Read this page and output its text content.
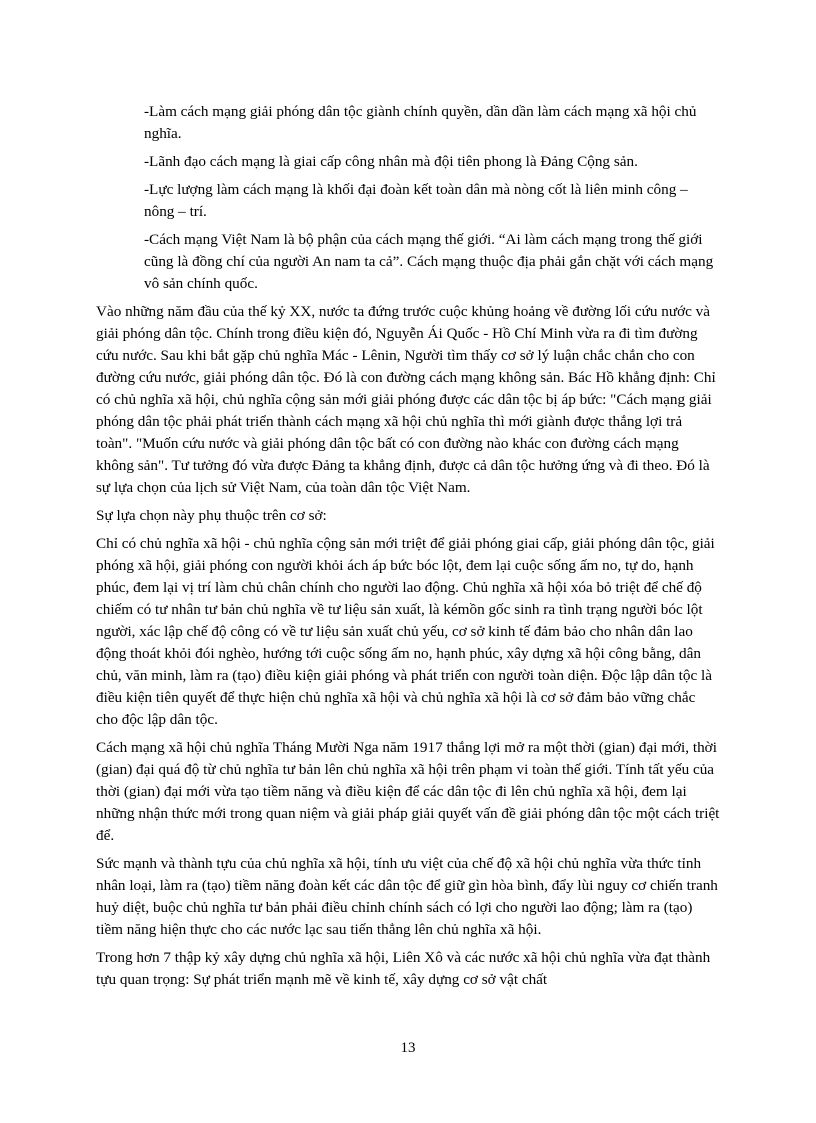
-Làm cách mạng giải phóng dân tộc giành chính quyền, dần dần làm cách mạng xã hội chủ nghĩa.

-Lãnh đạo cách mạng là giai cấp công nhân mà đội tiên phong là Đảng Cộng sản.

-Lực lượng làm cách mạng là khối đại đoàn kết toàn dân mà nòng cốt là liên minh công – nông – trí.

-Cách mạng Việt Nam là bộ phận của cách mạng thế giới. “Ai làm cách mạng trong thế giới cũng là đồng chí của người An nam ta cả”. Cách mạng thuộc địa phải gắn chặt với cách mạng vô sản chính quốc.

Vào những năm đầu của thế kỷ XX, nước ta đứng trước cuộc khủng hoảng về đường lối cứu nước và giải phóng dân tộc. Chính trong điều kiện đó, Nguyễn Ái Quốc - Hồ Chí Minh vừa ra đi tìm đường cứu nước. Sau khi bắt gặp chủ nghĩa Mác - Lênin, Người tìm thấy cơ sở lý luận chắc chắn cho con đường cứu nước, giải phóng dân tộc. Đó là con đường cách mạng không sản. Bác Hồ khẳng định: Chỉ có chủ nghĩa xã hội, chủ nghĩa cộng sản mới giải phóng được các dân tộc bị áp bức: "Cách mạng giải phóng dân tộc phải phát triển thành cách mạng xã hội chủ nghĩa thì mới giành được thắng lợi trả toàn". "Muốn cứu nước và giải phóng dân tộc bất có con đường nào khác con đường cách mạng không sản". Tư tưởng đó vừa được Đảng ta khẳng định, được cả dân tộc hưởng ứng và đi theo. Đó là sự lựa chọn của lịch sử Việt Nam, của toàn dân tộc Việt Nam.

Sự lựa chọn này phụ thuộc trên cơ sở:

Chỉ có chủ nghĩa xã hội - chủ nghĩa cộng sản mới triệt để giải phóng giai cấp, giải phóng dân tộc, giải phóng xã hội, giải phóng con người khỏi ách áp bức bóc lột, đem lại cuộc sống ấm no, tự do, hạnh phúc, đem lại vị trí làm chủ chân chính cho người lao động. Chủ nghĩa xã hội xóa bỏ triệt để chế độ chiếm có tư nhân tư bản chủ nghĩa về tư liệu sản xuất, là kémồn gốc sinh ra tình trạng người bóc lột người, xác lập chế độ công có về tư liệu sản xuất chủ yếu, cơ sở kinh tế đảm bảo cho nhân dân lao động thoát khỏi đói nghèo, hướng tới cuộc sống ấm no, hạnh phúc, xây dựng xã hội công bằng, dân chủ, văn minh, làm ra (tạo) điều kiện giải phóng và phát triển con người toàn diện. Độc lập dân tộc là điều kiện tiên quyết để thực hiện chủ nghĩa xã hội và chủ nghĩa xã hội là cơ sở đảm bảo vững chắc cho độc lập dân tộc.

Cách mạng xã hội chủ nghĩa Tháng Mười Nga năm 1917 thắng lợi mở ra một thời (gian) đại mới, thời (gian) đại quá độ từ chủ nghĩa tư bản lên chủ nghĩa xã hội trên phạm vi toàn thế giới. Tính tất yếu của thời (gian) đại mới vừa tạo tiềm năng và điều kiện để các dân tộc đi lên chủ nghĩa xã hội, đem lại những nhận thức mới trong quan niệm và giải pháp giải quyết vấn đề giải phóng dân tộc một cách triệt để.

Sức mạnh và thành tựu của chủ nghĩa xã hội, tính ưu việt của chế độ xã hội chủ nghĩa vừa thức tỉnh nhân loại, làm ra (tạo) tiềm năng đoàn kết các dân tộc để giữ gìn hòa bình, đẩy lùi nguy cơ chiến tranh huỷ diệt, buộc chủ nghĩa tư bản phải điều chỉnh chính sách có lợi cho người lao động; làm ra (tạo) tiềm năng hiện thực cho các nước lạc sau tiến thẳng lên chủ nghĩa xã hội.

Trong hơn 7 thập kỷ xây dựng chủ nghĩa xã hội, Liên Xô và các nước xã hội chủ nghĩa vừa đạt thành tựu quan trọng: Sự phát triển mạnh mẽ về kinh tế, xây dựng cơ sở vật chất

13
